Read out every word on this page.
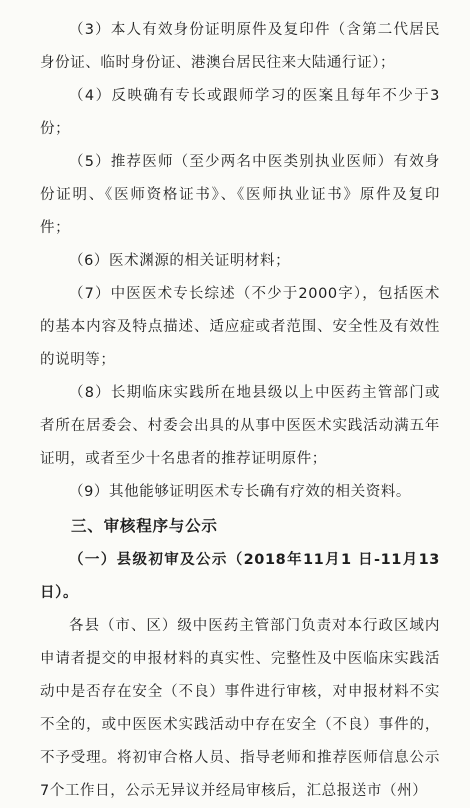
（3）本人有效身份证明原件及复印件（含第二代居民身份证、临时身份证、港澳台居民往来大陆通行证）；

（4）反映确有专长或跟师学习的医案且每年不少于3份；

（5）推荐医师（至少两名中医类别执业医师）有效身份证明、《医师资格证书》、《医师执业证书》原件及复印件；

（6）医术渊源的相关证明材料；

（7）中医医术专长综述（不少于2000字），包括医术的基本内容及特点描述、适应症或者范围、安全性及有效性的说明等；

（8）长期临床实践所在地县级以上中医药主管部门或者所在居委会、村委会出具的从事中医医术实践活动满五年证明，或者至少十名患者的推荐证明原件；

（9）其他能够证明医术专长确有疗效的相关资料。

三、审核程序与公示

（一）县级初审及公示（2018年11月1 日-11月13日）。

各县（市、区）级中医药主管部门负责对本行政区域内申请者提交的申报材料的真实性、完整性及中医临床实践活动中是否存在安全（不良）事件进行审核，对申报材料不实不全的，或中医医术实践活动中存在安全（不良）事件的，不予受理。将初审合格人员、指导老师和推荐医师信息公示7个工作日，公示无异议并经局审核后，汇总报送市（州）
